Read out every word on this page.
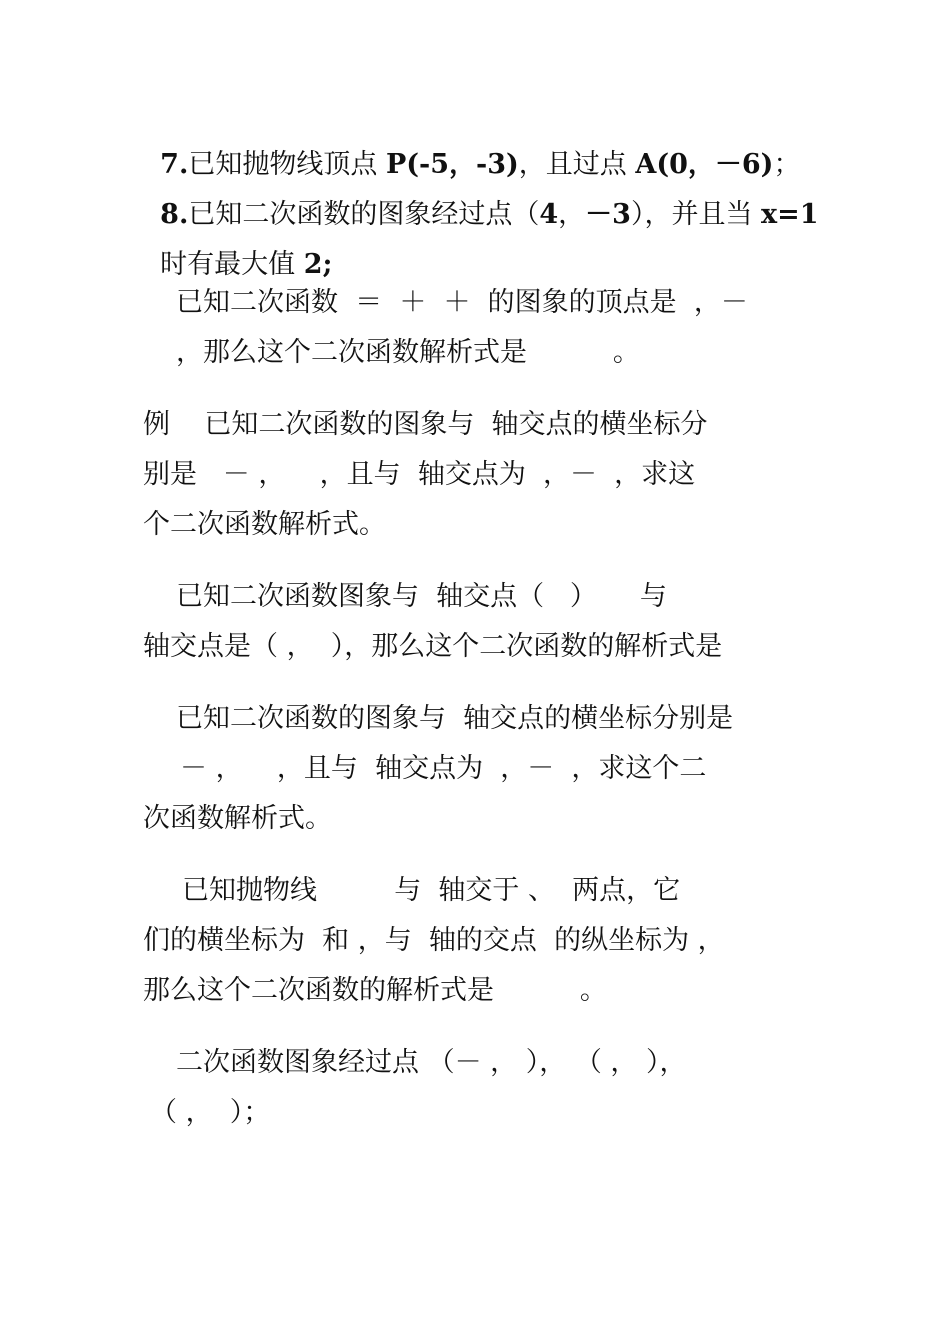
7.已知抛物线顶点 P(-5，-3)，且过点 A(0，－6)；

8.已知二次函数的图象经过点（4，－3），并且当 x=1

时有最大值 2;

已知二次函数  ＝  ＋  ＋  的图象的顶点是  ，－
，那么这个二次函数解析式是          。
例    已知二次函数的图象与  轴交点的横坐标分
别是   － ，    ，且与  轴交点为  ，－  ，求这
个二次函数解析式。
已知二次函数图象与  轴交点（   ）     与
轴交点是（ ，  ），那么这个二次函数的解析式是
已知二次函数的图象与  轴交点的横坐标分别是
－ ，    ，且与  轴交点为  ，－  ，求这个二
次函数解析式。
已知抛物线         与  轴交于 、  两点，它
们的横坐标为  和 ，与  轴的交点  的纵坐标为 ，
那么这个二次函数的解析式是          。
二次函数图象经过点 （－ ， ）， （ ， ），
（ ，  ）；
